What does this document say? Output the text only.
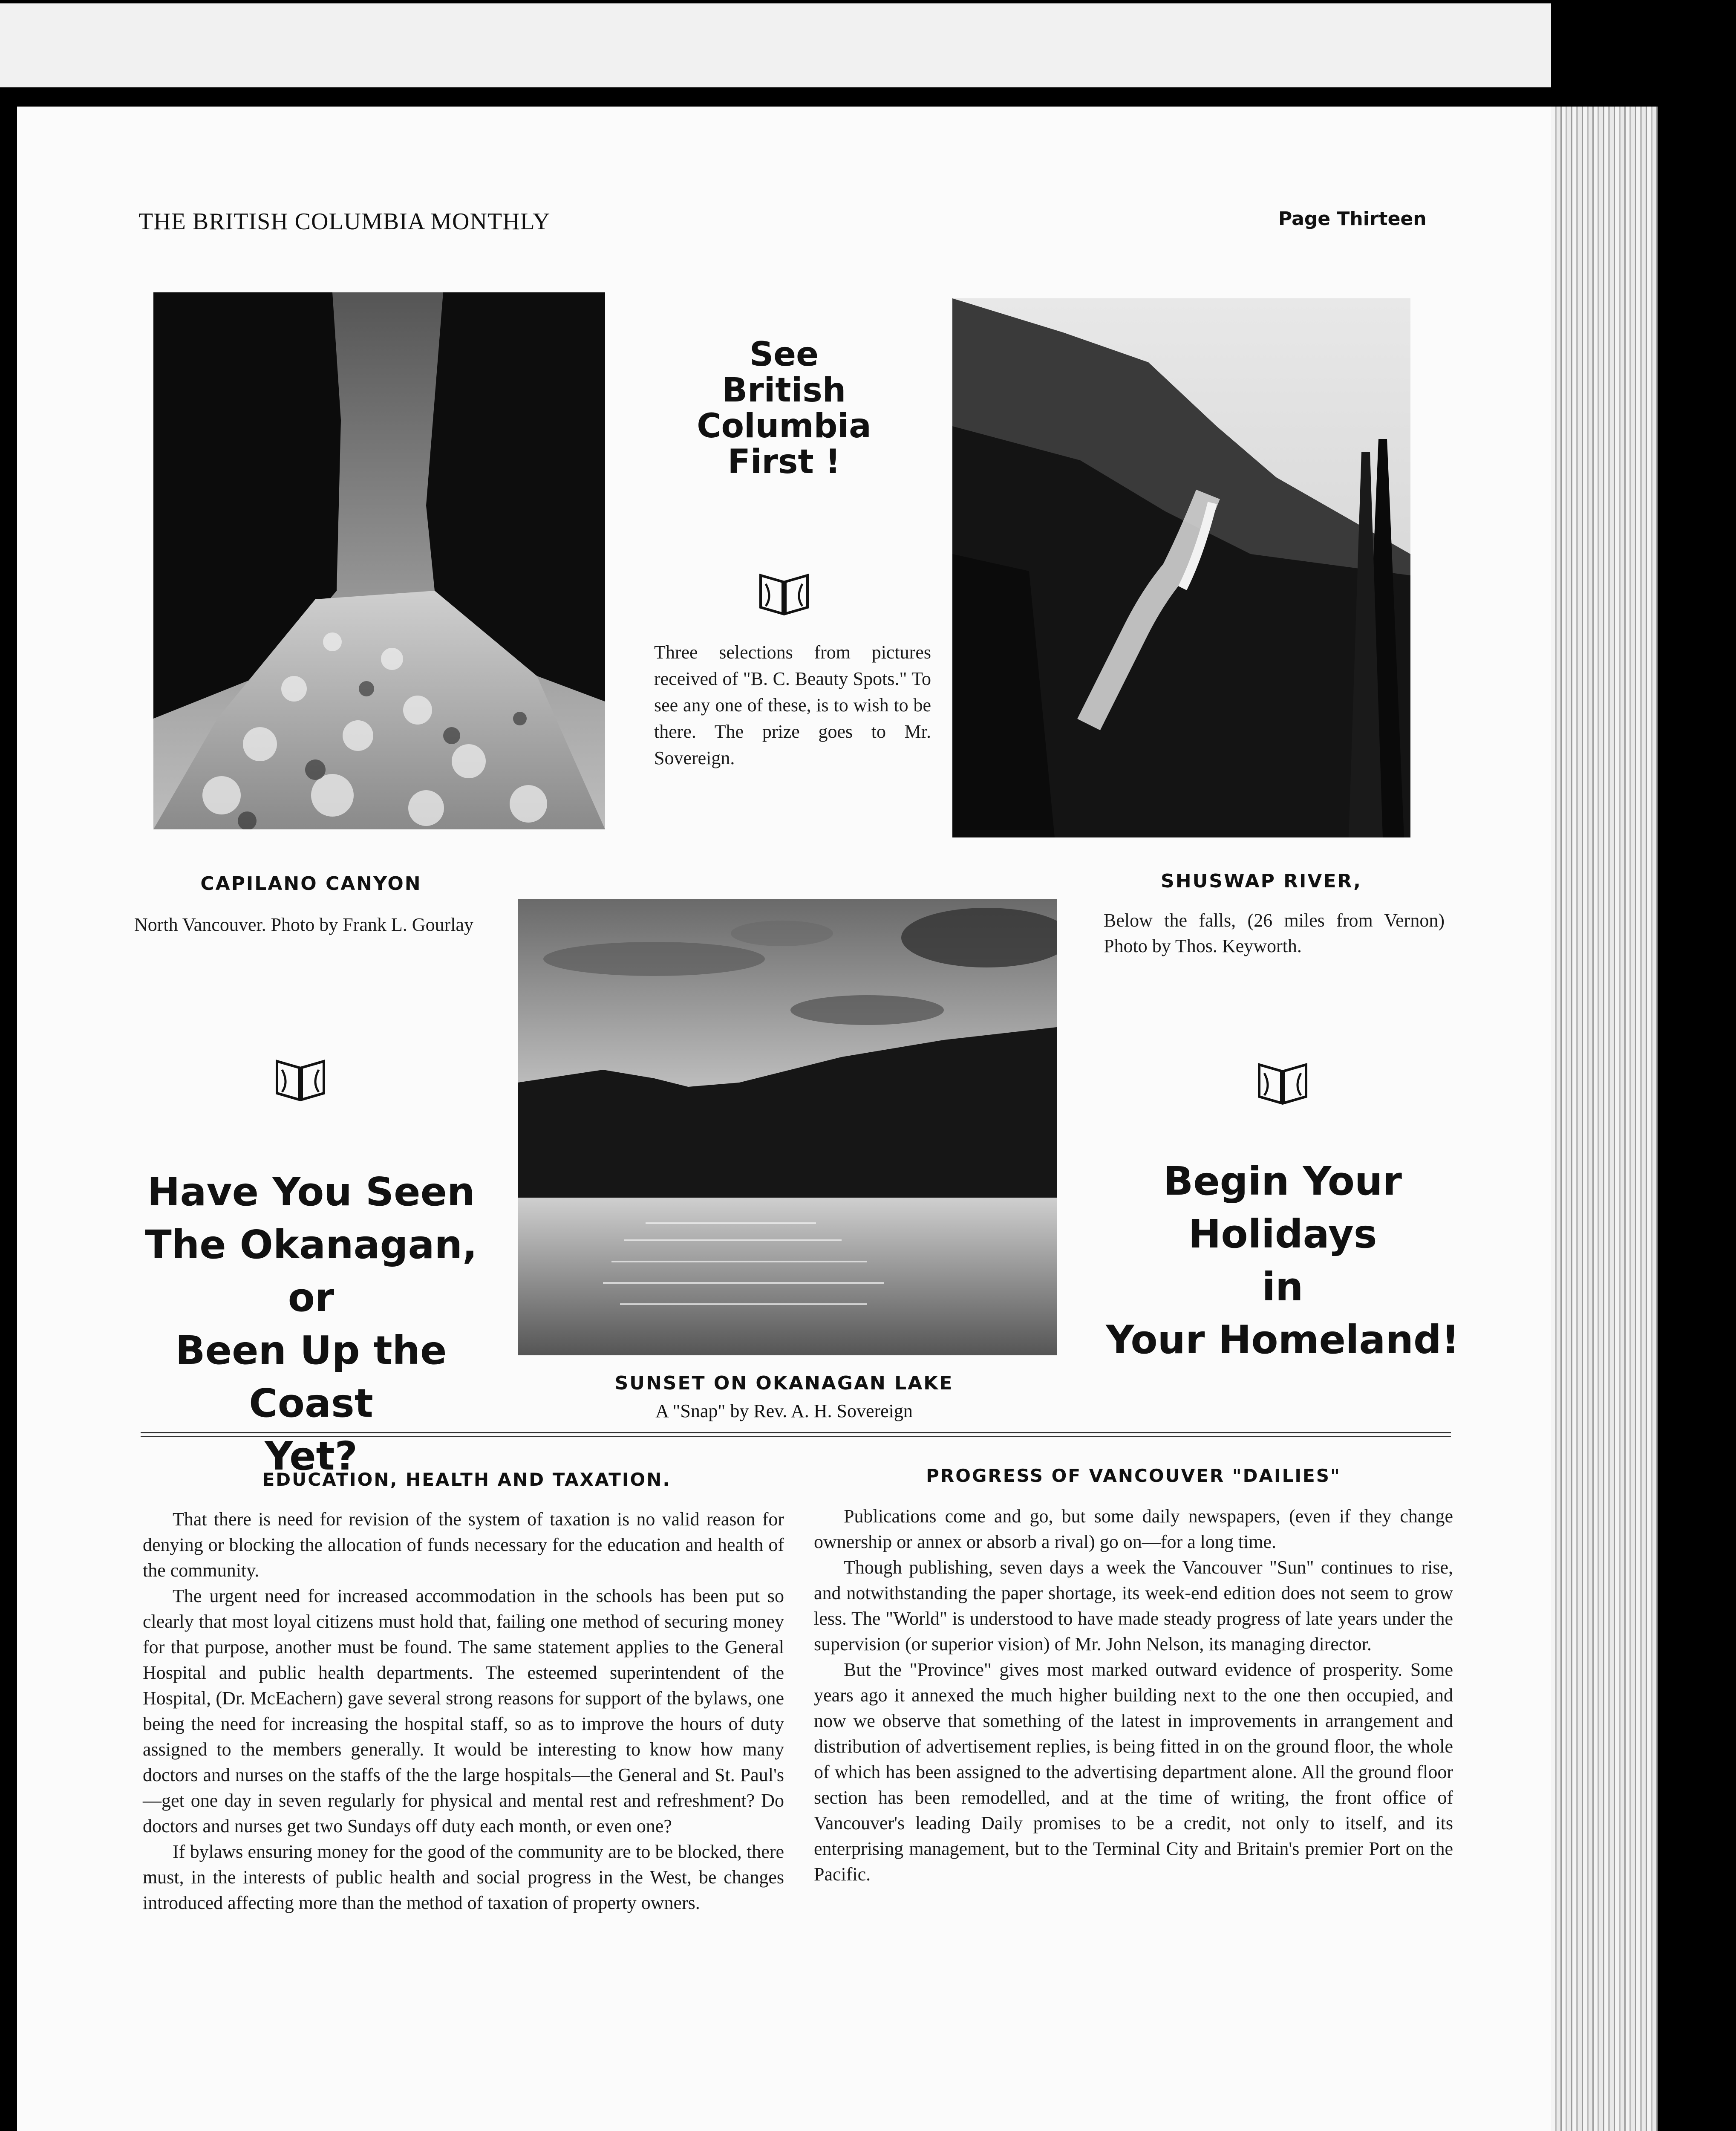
THE BRITISH COLUMBIA MONTHLY	Page Thirteen
See
British
Columbia
First !
Three selections from pictures received of "B. C. Beauty Spots." To see any one of these, is to wish to be there. The prize goes to Mr. Sovereign.
CAPILANO CANYON
North Vancouver. Photo by Frank L. Gourlay
SHUSWAP RIVER,
Below the falls, (26 miles from Vernon) Photo by Thos. Keyworth.
Have You Seen
The Okanagan, or
Been Up the Coast
Yet?
Begin Your
Holidays
in
Your Homeland!
SUNSET ON OKANAGAN LAKE
A "Snap" by Rev. A. H. Sovereign
EDUCATION, HEALTH AND TAXATION.

That there is need for revision of the system of taxation is no valid reason for denying or blocking the allocation of funds necessary for the education and health of the community.

The urgent need for increased accommodation in the schools has been put so clearly that most loyal citizens must hold that, failing one method of securing money for that purpose, another must be found. The same statement applies to the General Hospital and public health departments. The esteemed superintendent of the Hospital, (Dr. McEachern) gave several strong reasons for support of the bylaws, one being the need for increasing the hospital staff, so as to improve the hours of duty assigned to the members generally. It would be interesting to know how many doctors and nurses on the staffs of the the large hospitals—the General and St. Paul's—get one day in seven regularly for physical and mental rest and refreshment? Do doctors and nurses get two Sundays off duty each month, or even one?

If bylaws ensuring money for the good of the community are to be blocked, there must, in the interests of public health and social progress in the West, be changes introduced affecting more than the method of taxation of property owners.

PROGRESS OF VANCOUVER "DAILIES"

Publications come and go, but some daily newspapers, (even if they change ownership or annex or absorb a rival) go on—for a long time.

Though publishing, seven days a week the Vancouver "Sun" continues to rise, and notwithstanding the paper shortage, its week-end edition does not seem to grow less. The "World" is understood to have made steady progress of late years under the supervision (or superior vision) of Mr. John Nelson, its managing director.

But the "Province" gives most marked outward evidence of prosperity. Some years ago it annexed the much higher building next to the one then occupied, and now we observe that something of the latest in improvements in arrangement and distribution of advertisement replies, is being fitted in on the ground floor, the whole of which has been assigned to the advertising department alone. All the ground floor section has been remodelled, and at the time of writing, the front office of Vancouver's leading Daily promises to be a credit, not only to itself, and its enterprising management, but to the Terminal City and Britain's premier Port on the Pacific.
